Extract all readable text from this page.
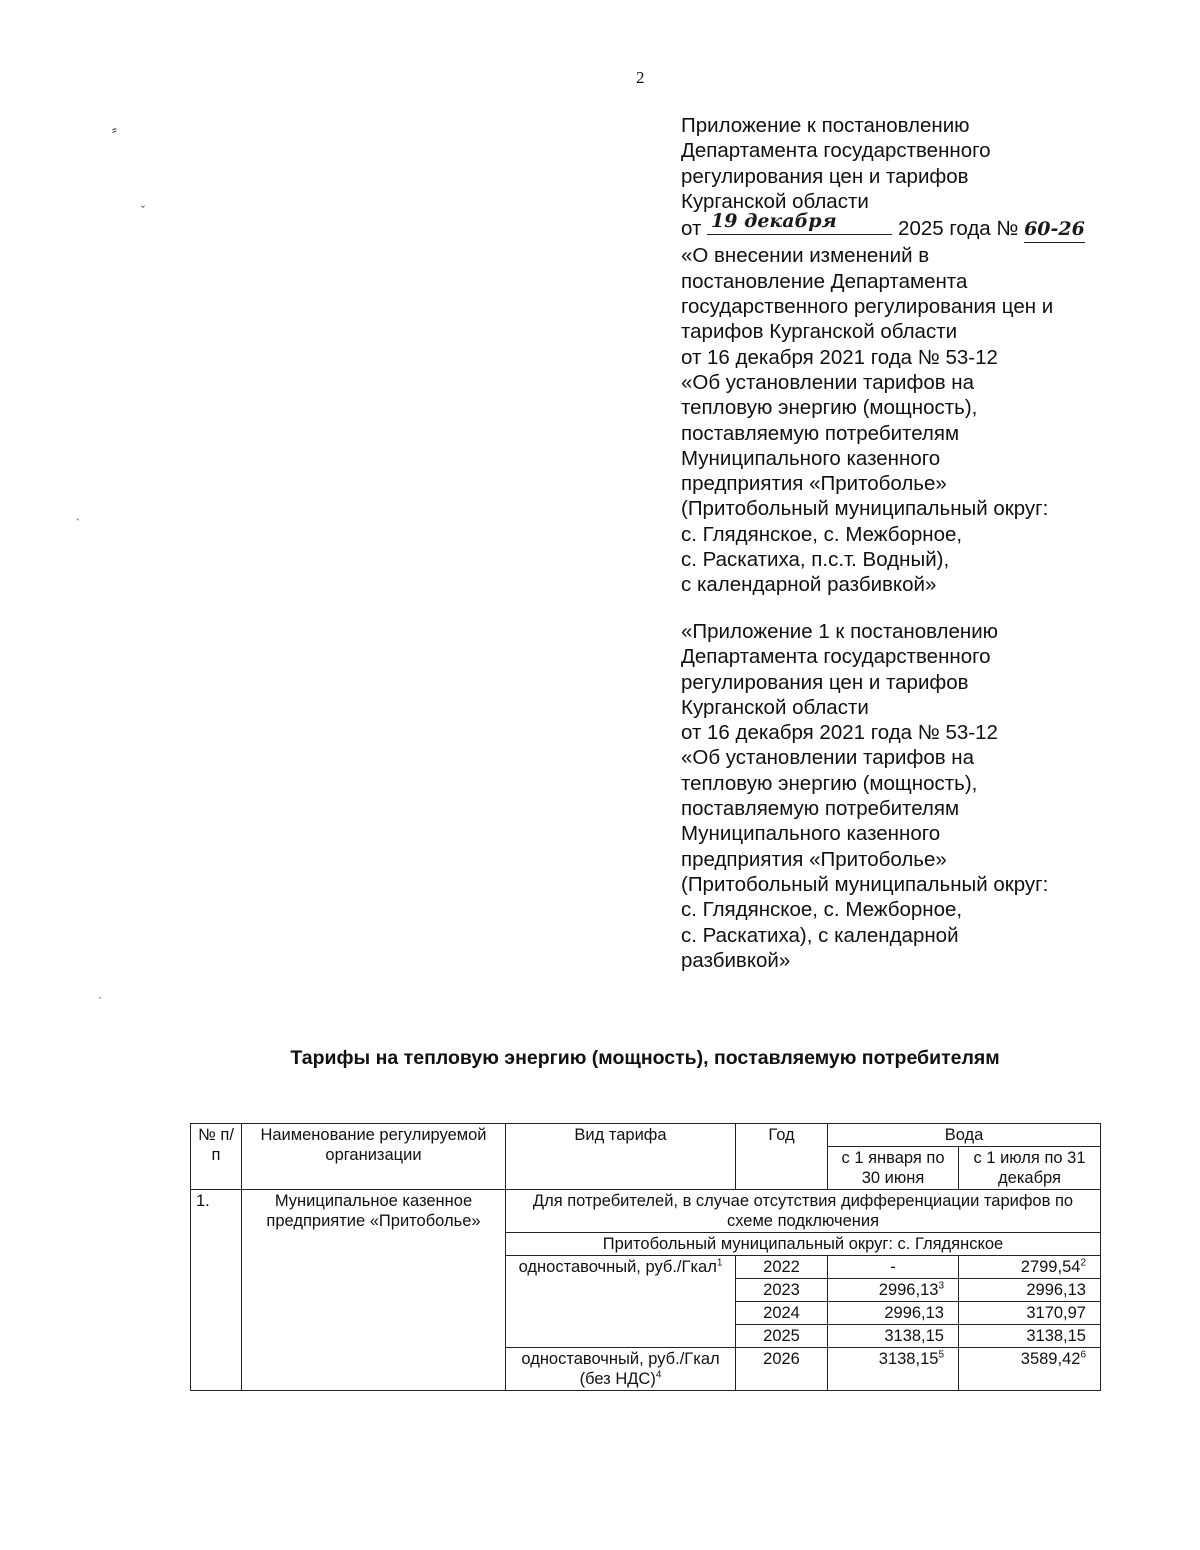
2
⸗
ˬ
ˎ
·
Приложение к постановлению
Департамента государственного
регулирования цен и тарифов
Курганской области
от 19 декабря	2025 года № 60-26
«О внесении изменений в
постановление Департамента
государственного регулирования цен и
тарифов Курганской области
от 16 декабря 2021 года № 53-12
«Об установлении тарифов на
тепловую энергию (мощность),
поставляемую потребителям
Муниципального казенного
предприятия «Притоболье»
(Притобольный муниципальный округ:
с. Глядянское, с. Межборное,
с. Раскатиха, п.с.т. Водный),
с календарной разбивкой»
«Приложение 1 к постановлению
Департамента государственного
регулирования цен и тарифов
Курганской области
от 16 декабря 2021 года № 53-12
«Об установлении тарифов на
тепловую энергию (мощность),
поставляемую потребителям
Муниципального казенного
предприятия «Притоболье»
(Притобольный муниципальный округ:
с. Глядянское, с. Межборное,
с. Раскатиха), с календарной
разбивкой»
Тарифы на тепловую энергию (мощность), поставляемую потребителям
№ п/п	Наименование регулируемой организации	Вид тарифа	Год	Вода	
				с 1 января по 30 июня	с 1 июля по 31 декабря
1.	Муниципальное казенное предприятие «Притоболье»	Для потребителей, в случае отсутствия дифференциации тарифов по схеме подключения			
		Притобольный муниципальный округ: с. Глядянское			
		одноставочный, руб./Гкал$^1$	2022	-	2799,54$^2$
			2023	2996,13$^3$	2996,13
			2024	2996,13	3170,97
			2025	3138,15	3138,15
		одноставочный, руб./Гкал (без НДС)$^4$	2026	3138,15$^5$	3589,42$^6$
